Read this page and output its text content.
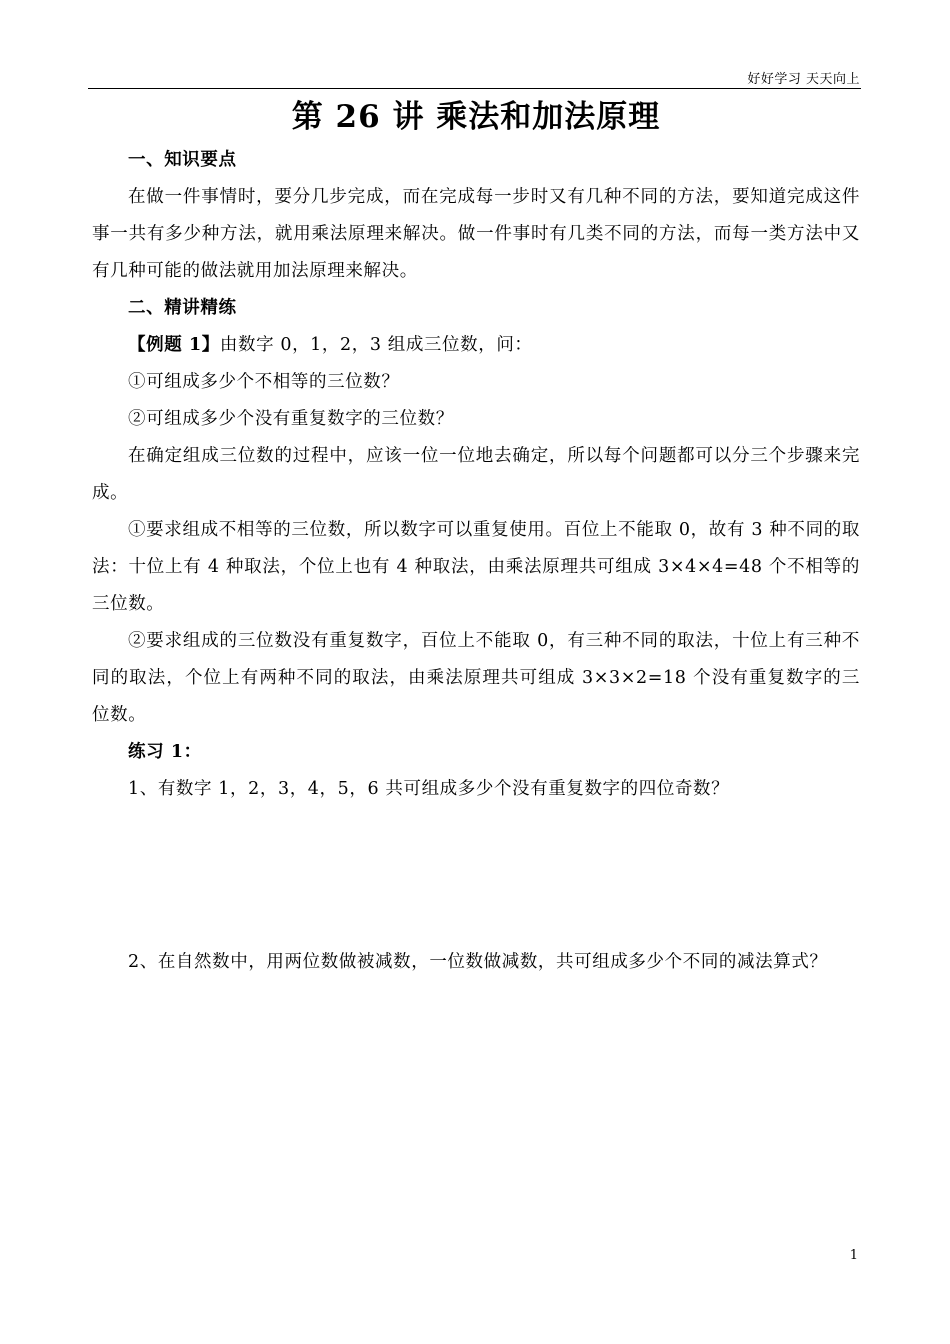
好好学习 天天向上
第 26 讲 乘法和加法原理

一、知识要点

在做一件事情时，要分几步完成，而在完成每一步时又有几种不同的方法，要知道完成这件事一共有多少种方法，就用乘法原理来解决。做一件事时有几类不同的方法，而每一类方法中又有几种可能的做法就用加法原理来解决。

二、精讲精练

【例题 1】由数字 0，1，2，3 组成三位数，问：

①可组成多少个不相等的三位数？

②可组成多少个没有重复数字的三位数？

在确定组成三位数的过程中，应该一位一位地去确定，所以每个问题都可以分三个步骤来完成。

①要求组成不相等的三位数，所以数字可以重复使用。百位上不能取 0，故有 3 种不同的取法：十位上有 4 种取法，个位上也有 4 种取法，由乘法原理共可组成 3×4×4=48 个不相等的三位数。

②要求组成的三位数没有重复数字，百位上不能取 0，有三种不同的取法，十位上有三种不同的取法，个位上有两种不同的取法，由乘法原理共可组成 3×3×2=18 个没有重复数字的三位数。

练习 1：

1、有数字 1，2，3，4，5，6 共可组成多少个没有重复数字的四位奇数？

2、在自然数中，用两位数做被减数，一位数做减数，共可组成多少个不同的减法算式？

1
